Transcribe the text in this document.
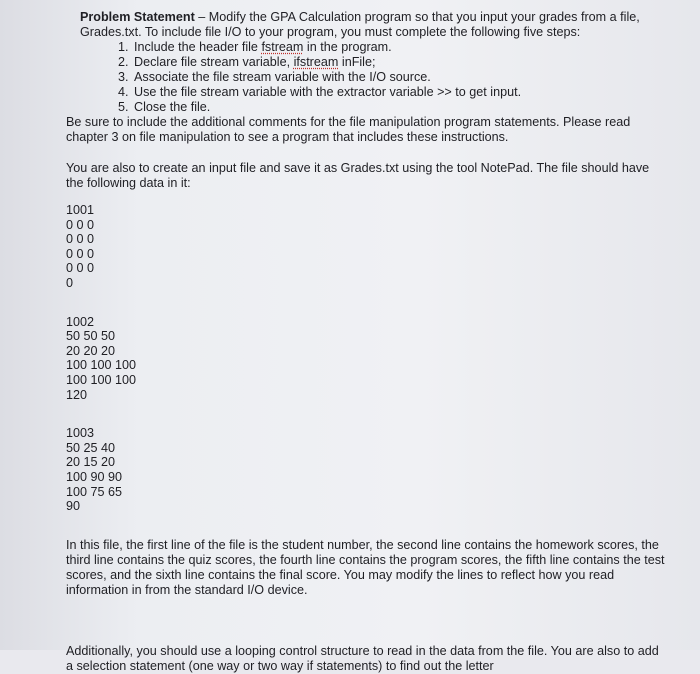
Problem Statement – Modify the GPA Calculation program so that you input your grades from a file, Grades.txt. To include file I/O to your program, you must complete the following five steps:

1. Include the header file fstream in the program.
2. Declare file stream variable, ifstream inFile;
3. Associate the file stream variable with the I/O source.
4. Use the file stream variable with the extractor variable >> to get input.
5. Close the file.

Be sure to include the additional comments for the file manipulation program statements. Please read chapter 3 on file manipulation to see a program that includes these instructions.

You are also to create an input file and save it as Grades.txt using the tool NotePad. The file should have the following data in it:

1001
0 0 0
0 0 0
0 0 0
0 0 0
0
1002
50 50 50
20 20 20
100 100 100
100 100 100
120
1003
50 25 40
20 15 20
100 90 90
100 75 65
90

In this file, the first line of the file is the student number, the second line contains the homework scores, the third line contains the quiz scores, the fourth line contains the program scores, the fifth line contains the test scores, and the sixth line contains the final score. You may modify the lines to reflect how you read information in from the standard I/O device.

Additionally, you should use a looping control structure to read in the data from the file. You are also to add a selection statement (one way or two way if statements) to find out the letter
